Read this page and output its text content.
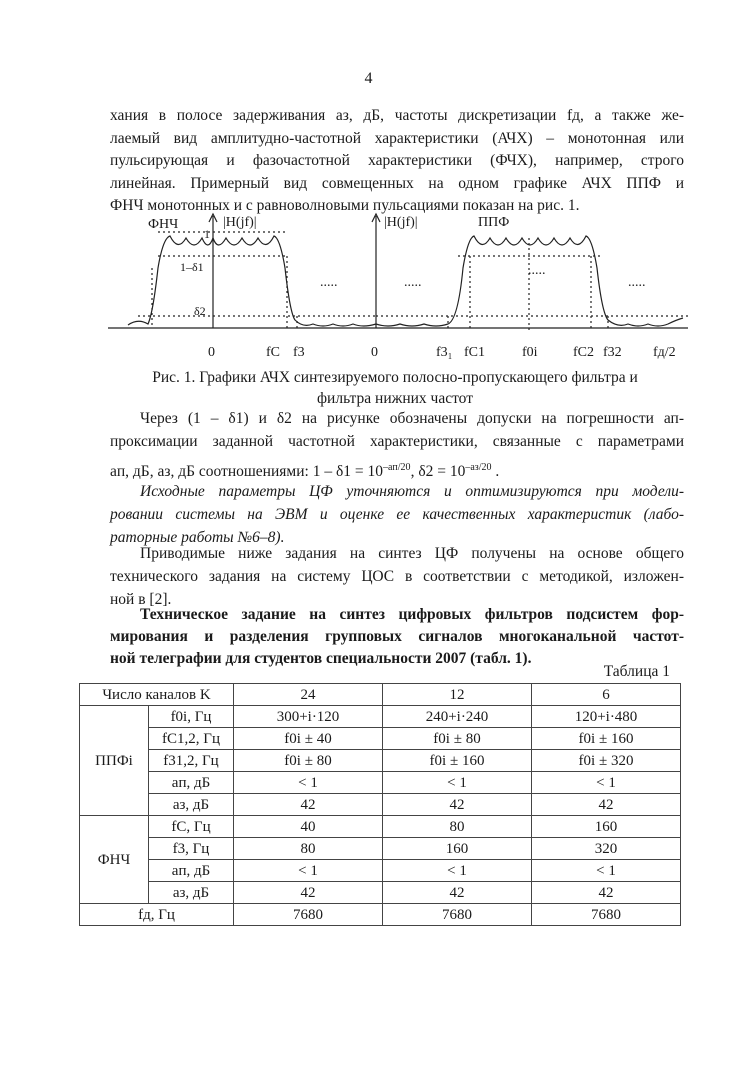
4
хания в полосе задерживания aз, дБ, частоты дискретизации fд, а также же-
лаемый вид амплитудно-частотной характеристики (АЧХ) – монотонная или
пульсирующая и фазочастотной характеристики (ФЧХ), например, строго
линейная. Примерный вид совмещенных на одном графике АЧХ ППФ и
ФНЧ монотонных и с равноволновыми пульсациями показан на рис. 1.
ФНЧ	|H(jf)|
1
1–δ1
δ2
.....
|H(jf)|	ППФ
.....
.....
.....
0	fC f3	0	f3₁ fC1	f0i	fC2 f32 fд/2
Рис. 1. Графики АЧХ синтезируемого полосно-пропускающего фильтра и
фильтра нижних частот
Через (1 – δ1) и δ2 на рисунке обозначены допуски на погрешности ап-
проксимации заданной частотной характеристики, связанные с параметрами
aп, дБ, aз, дБ соотношениями: $1 - \delta 1 = 10^{-aп/20}$, $\delta 2 = 10^{-aз/20}$ .
Исходные параметры ЦФ уточняются и оптимизируются при модели-
ровании системы на ЭВМ и оценке ее качественных характеристик (лабо-
раторные работы №6–8).
Приводимые ниже задания на синтез ЦФ получены на основе общего
технического задания на систему ЦОС в соответствии с методикой, изложен-
ной в [2].
Техническое задание на синтез цифровых фильтров подсистем фор-
мирования и разделения групповых сигналов многоканальной частот-
ной телеграфии для студентов специальности 2007 (табл. 1).
Таблица 1
Число каналов K		24	12	6
ППФi	f0i, Гц	300+i·120	240+i·240	120+i·480
	fC1,2, Гц	f0i ± 40	f0i ± 80	f0i ± 160
	f31,2, Гц	f0i ± 80	f0i ± 160	f0i ± 320
	aп, дБ	< 1	< 1	< 1
	aз, дБ	42	42	42
ФНЧ	fC, Гц	40	80	160
	f3, Гц	80	160	320
	aп, дБ	< 1	< 1	< 1
	aз, дБ	42	42	42
fд, Гц		7680	7680	7680
